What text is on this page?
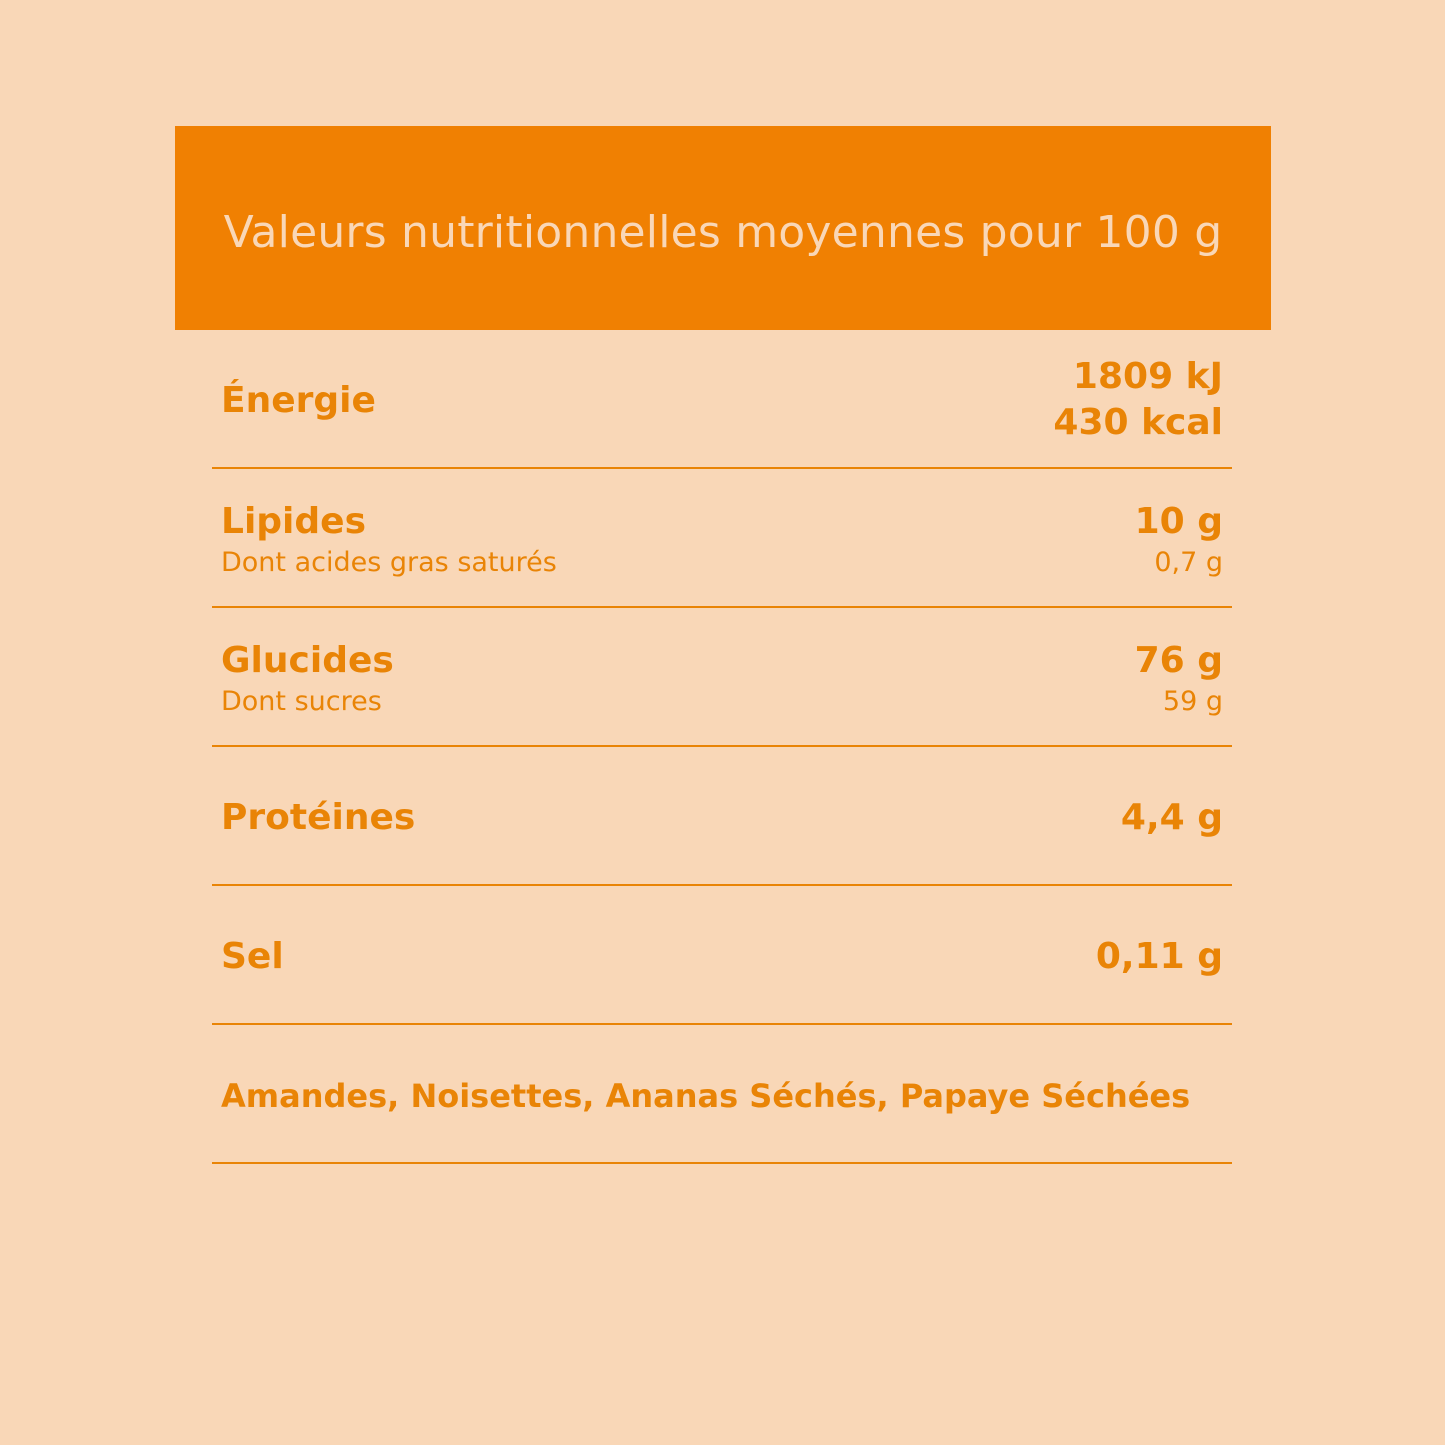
Valeurs nutritionnelles moyennes pour 100 g
Énergie
1809 kJ
430 kcal
Lipides
Dont acides gras saturés
10 g
0,7 g
Glucides
Dont sucres
76 g
59 g
Protéines	4,4 g
Sel	0,11 g
Amandes, Noisettes, Ananas Séchés, Papaye Séchées
